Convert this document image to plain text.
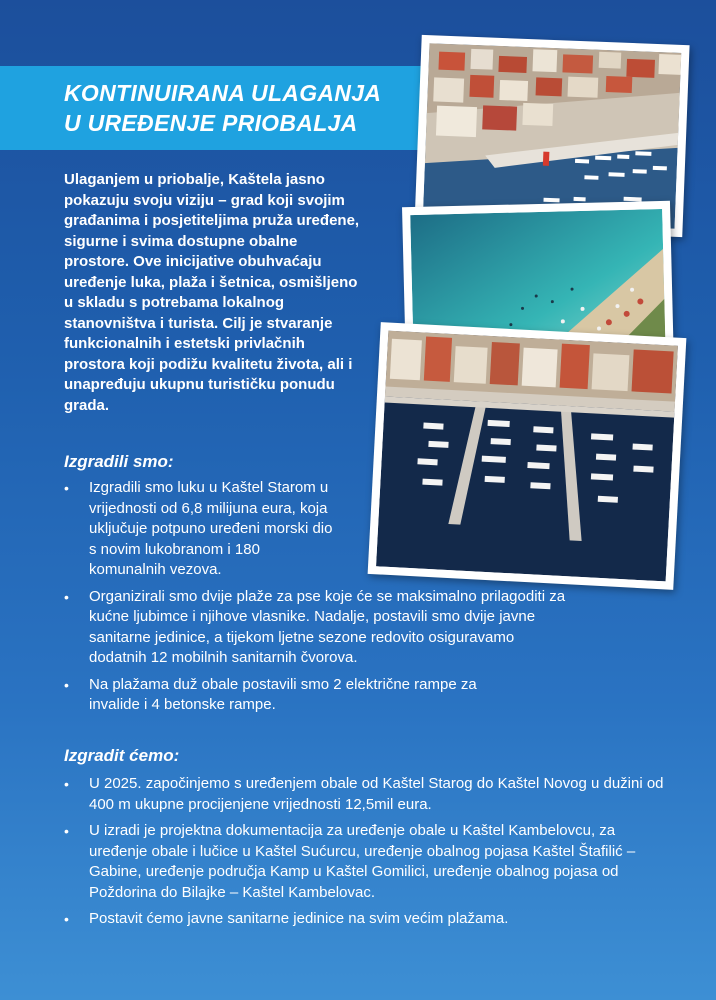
KONTINUIRANA ULAGANJA
U UREĐENJE PRIOBALJA

Ulaganjem u priobalje, Kaštela jasno pokazuju svoju viziju – grad koji svojim građanima i posjetiteljima pruža uređene, sigurne i svima dostupne obalne prostore. Ove inicijative obuhvaćaju uređenje luka, plaža i šetnica, osmišljeno u skladu s potrebama lokalnog stanovništva i turista. Cilj je stvaranje funkcionalnih i estetski privlačnih prostora koji podižu kvalitetu života, ali i unapređuju ukupnu turističku ponudu grada.

Izgradili smo:
• Izgradili smo luku u Kaštel Starom u vrijednosti od 6,8 milijuna eura, koja uključuje potpuno uređeni morski dio s novim lukobranom i 180 komunalnih vezova.
• Organizirali smo dvije plaže za pse koje će se maksimalno prilagoditi za kućne ljubimce i njihove vlasnike. Nadalje, postavili smo dvije javne sanitarne jedinice, a tijekom ljetne sezone redovito osiguravamo dodatnih 12 mobilnih sanitarnih čvorova.
• Na plažama duž obale postavili smo 2 električne rampe za invalide i 4 betonske rampe.
Izgradit ćemo:
• U 2025. započinjemo s uređenjem obale od Kaštel Starog do Kaštel Novog u dužini od 400 m ukupne procijenjene vrijednosti 12,5mil eura.
• U izradi je projektna dokumentacija za uređenje obale u Kaštel Kambelovcu, za uređenje obale i lučice u Kaštel Sućurcu, uređenje obalnog pojasa Kaštel Štafilić – Gabine, uređenje područja Kamp u Kaštel Gomilici, uređenje obalnog pojasa od Poždorina do Bilajke – Kaštel Kambelovac.
• Postavit ćemo javne sanitarne jedinice na svim većim plažama.
